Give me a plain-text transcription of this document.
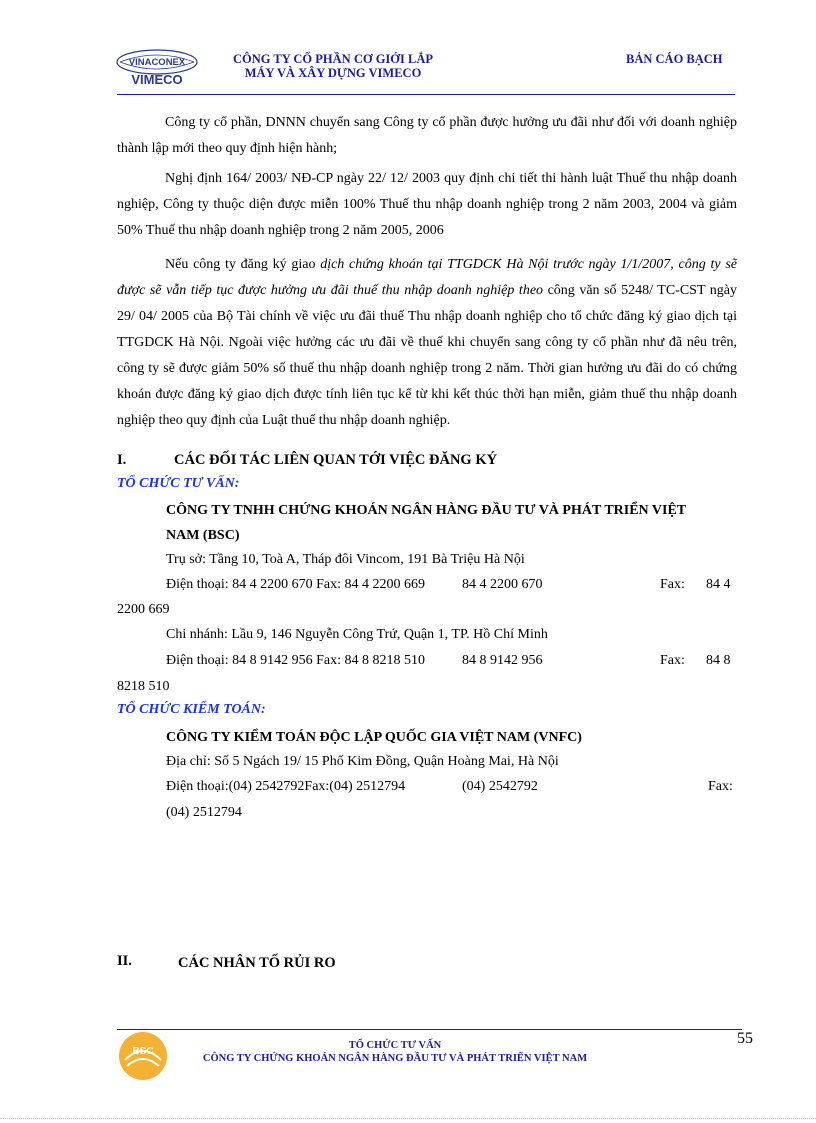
VINACONEX
VIMECO
CÔNG TY CỔ PHẦN CƠ GIỚI LẮP
MÁY VÀ XÂY DỰNG VIMECO
BẢN CÁO BẠCH

Công ty cổ phần, DNNN chuyển sang Công ty cổ phần được hưởng ưu đãi như đối với doanh nghiệp thành lập mới theo quy định hiện hành;

Nghị định 164/ 2003/ NĐ-CP ngày 22/ 12/ 2003 quy định chi tiết thi hành luật Thuế thu nhập doanh nghiệp, Công ty thuộc diện được miễn 100% Thuế thu nhập doanh nghiệp trong 2 năm 2003, 2004 và giảm 50% Thuế thu nhập doanh nghiệp trong 2 năm 2005, 2006

Nếu công ty đăng ký giao dịch chứng khoán tại TTGDCK Hà Nội trước ngày 1/1/2007, công ty sẽ được sẽ vẫn tiếp tục được hưởng ưu đãi thuế thu nhập doanh nghiệp theo công văn số 5248/ TC-CST ngày 29/ 04/ 2005 của Bộ Tài chính về việc ưu đãi thuế Thu nhập doanh nghiệp cho tổ chức đăng ký giao dịch tại TTGDCK Hà Nội. Ngoài việc hưởng các ưu đãi về thuế khi chuyển sang công ty cổ phần như đã nêu trên, công ty sẽ được giảm 50% số thuế thu nhập doanh nghiệp trong 2 năm. Thời gian hưởng ưu đãi do có chứng khoán được đăng ký giao dịch được tính liên tục kể từ khi kết thúc thời hạn miễn, giảm thuế thu nhập doanh nghiệp theo quy định của Luật thuế thu nhập doanh nghiệp.

I.	CÁC ĐỐI TÁC LIÊN QUAN TỚI VIỆC ĐĂNG KÝ
TỔ CHỨC TƯ VẤN:
CÔNG TY TNHH CHỨNG KHOÁN NGÂN HÀNG ĐẦU TƯ VÀ PHÁT TRIỂN VIỆT
NAM (BSC)
Trụ sở: Tầng 10, Toà A, Tháp đôi Vincom, 191 Bà Triệu Hà Nội
Điện thoại: 84 4 2200 670 Fax: 84 4 2200 669	84 4 2200 670	Fax: 84 4
2200 669
Chi nhánh: Lầu 9, 146 Nguyễn Công Trứ, Quận 1, TP. Hồ Chí Minh
Điện thoại: 84 8 9142 956 Fax: 84 8 8218 510	84 8 9142 956	Fax: 84 8
8218 510
TỔ CHỨC KIỂM TOÁN:
CÔNG TY KIỂM TOÁN ĐỘC LẬP QUỐC GIA VIỆT NAM (VNFC)
Địa chỉ: Số 5 Ngách 19/ 15 Phố Kim Đồng, Quận Hoàng Mai, Hà Nội
Điện thoại:(04) 2542792Fax:(04) 2512794	(04) 2542792	Fax:
(04) 2512794
II.	CÁC NHÂN TỐ RỦI RO
BSC
TỔ CHỨC TƯ VẤN
CÔNG TY CHỨNG KHOÁN NGÂN HÀNG ĐẦU TƯ VÀ PHÁT TRIỂN VIỆT NAM
55
